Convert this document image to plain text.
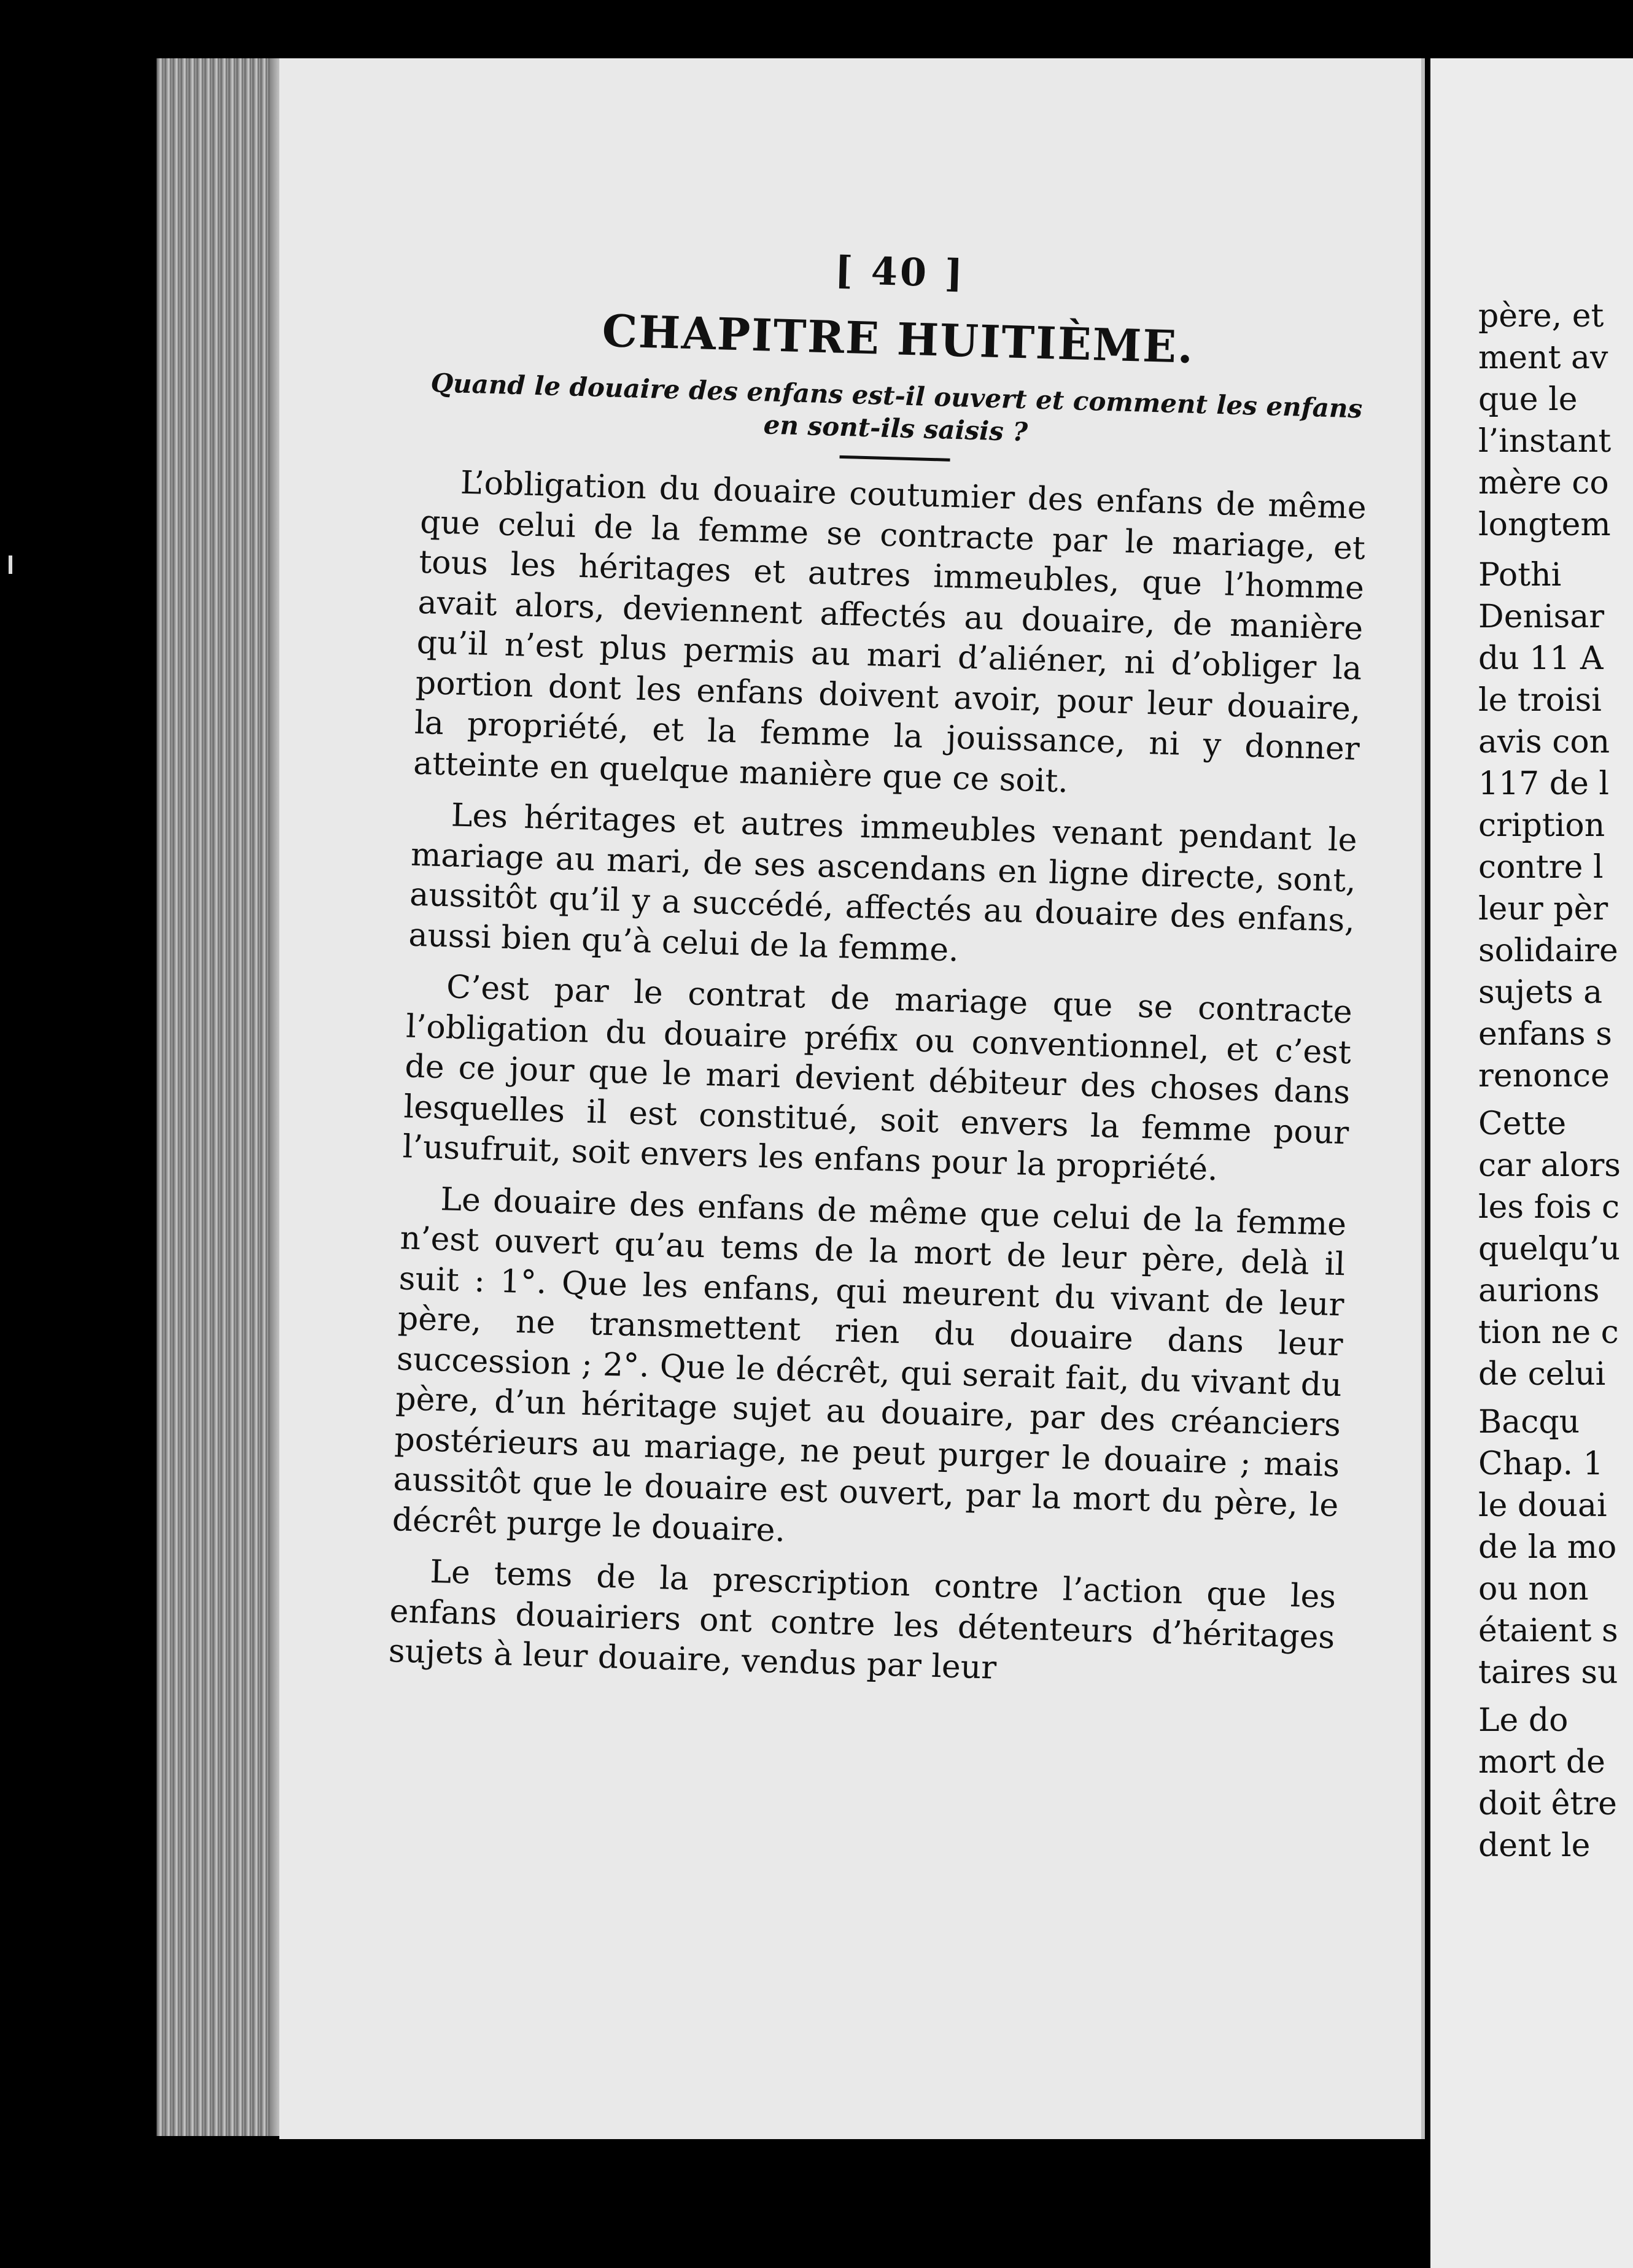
[ 40 ]
CHAPITRE HUITIÈME.
Quand le douaire des enfans est-il ouvert et comment les enfans en sont-ils saisis ?

L’obligation du douaire coutumier des enfans de même que celui de la femme se contracte par le mariage, et tous les héritages et autres immeubles, que l’homme avait alors, deviennent affectés au douaire, de manière qu’il n’est plus permis au mari d’aliéner, ni d’obliger la portion dont les enfans doivent avoir, pour leur douaire, la propriété, et la femme la jouissance, ni y donner atteinte en quelque manière que ce soit.

Les héritages et autres immeubles venant pendant le mariage au mari, de ses ascendans en ligne directe, sont, aussitôt qu’il y a succédé, affectés au douaire des enfans, aussi bien qu’à celui de la femme.

C’est par le contrat de mariage que se contracte l’obligation du douaire préfix ou conventionnel, et c’est de ce jour que le mari devient débiteur des choses dans lesquelles il est constitué, soit envers la femme pour l’usufruit, soit envers les enfans pour la propriété.

Le douaire des enfans de même que celui de la femme n’est ouvert qu’au tems de la mort de leur père, delà il suit : 1°. Que les enfans, qui meurent du vivant de leur père, ne transmettent rien du douaire dans leur succession ; 2°. Que le décrêt, qui serait fait, du vivant du père, d’un héritage sujet au douaire, par des créanciers postérieurs au mariage, ne peut purger le douaire ; mais aussitôt que le douaire est ouvert, par la mort du père, le décrêt purge le douaire.

Le tems de la prescription contre l’action que les enfans douairiers ont contre les détenteurs d’héritages sujets à leur douaire, vendus par leur

père, et
ment av
que le
l’instant
mère co
longtem
Pothi
Denisar
du 11 A
le troisi
avis con
117 de l
cription
contre l
leur pèr
solidaire
sujets a
enfans s
renonce
Cette
car alors
les fois c
quelqu’u
aurions
tion ne c
de celui
Bacqu
Chap. 1
le douai
de la mo
ou non
étaient s
taires su
Le do
mort de
doit être
dent le
